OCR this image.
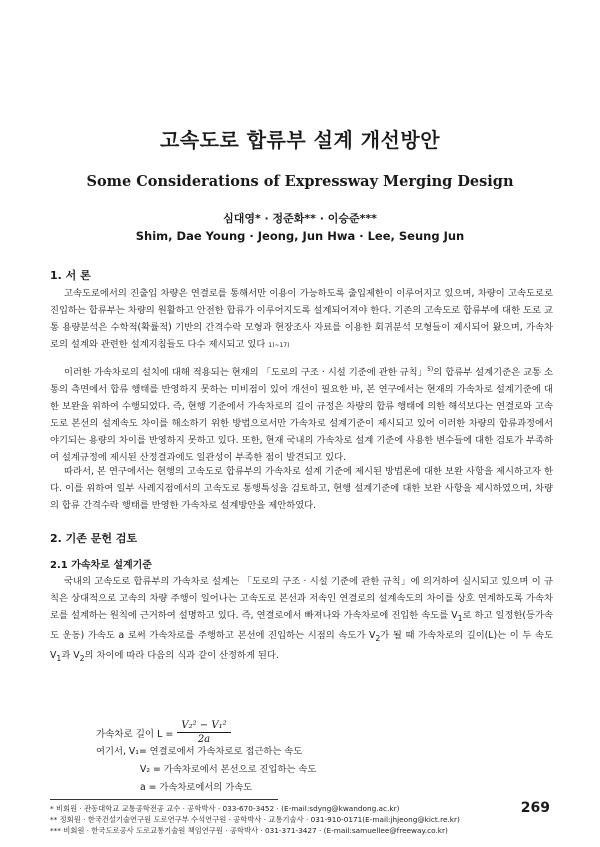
고속도로 합류부 설계 개선방안
Some Considerations of Expressway Merging Design
심대영* · 정준화** · 이승준***
Shim, Dae Young · Jeong, Jun Hwa · Lee, Seung Jun
1. 서 론

고속도로에서의 진출입 차량은 연결로를 통해서만 이용이 가능하도록 출입제한이 이루어지고 있으며, 차량이 고속도로로 진입하는 합류부는 차량의 원활하고 안전한 합류가 이루어지도록 설계되어져야 한다. 기존의 고속도로 합류부에 대한 도로 교통 용량분석은 수학적(확률적) 기반의 간격수락 모형과 현장조사 자료를 이용한 회귀분석 모형들이 제시되어 왔으며, 가속차로의 설계와 관련한 설계지침들도 다수 제시되고 있다 1)~17)

이러한 가속차로의 설치에 대해 적용되는 현재의 「도로의 구조 · 시설 기준에 관한 규칙」$^{5)}$의 합류부 설계기준은 교통 소통의 측면에서 합류 행태를 반영하지 못하는 미비점이 있어 개선이 필요한 바, 본 연구에서는 현재의 가속차로 설계기준에 대한 보완을 위하여 수행되었다. 즉, 현행 기준에서 가속차로의 길이 규정은 차량의 합류 행태에 의한 해석보다는 연결로와 고속도로 본선의 설계속도 차이를 해소하기 위한 방법으로서만 가속차로 설계기준이 제시되고 있어 이러한 차량의 합류과정에서 야기되는 용량의 차이를 반영하지 못하고 있다. 또한, 현재 국내의 가속차로 설계 기준에 사용한 변수들에 대한 검토가 부족하여 설계규정에 제시된 산정결과에도 일관성이 부족한 점이 발견되고 있다.

따라서, 본 연구에서는 현행의 고속도로 합류부의 가속차로 설계 기준에 제시된 방법론에 대한 보완 사항을 제시하고자 한다. 이를 위하여 일부 사례지점에서의 고속도로 통행특성을 검토하고, 현행 설계기준에 대한 보완 사항을 제시하였으며, 차량의 합류 간격수락 행태를 반영한 가속차로 설계방안을 제안하였다.

2. 기존 문헌 검토
2.1 가속차로 설계기준

국내의 고속도로 합류부의 가속차로 설계는 「도로의 구조 · 시설 기준에 관한 규칙」에 의거하여 실시되고 있으며 이 규칙은 상대적으로 고속의 차량 주행이 일어나는 고속도로 본선과 저속인 연결로의 설계속도의 차이를 상호 연계하도록 가속차로를 설계하는 원칙에 근거하여 설명하고 있다. 즉, 연결로에서 빠져나와 가속차로에 진입한 속도를 $V_1$로 하고 일정한(등가속도 운동) 가속도 a 로써 가속차로를 주행하고 본선에 진입하는 시점의 속도가 $V_2$가 될 때 가속차로의 길이(L)는 이 두 속도 $V_1$과 $V_2$의 차이에 따라 다음의 식과 같이 산정하게 된다.

가속차로 길이 $L = \frac{\text{V₂² − V₁²}}{2a}$
여기서, V₁= 연결로에서 가속차로로 접근하는 속도
V₂ = 가속차로에서 본선으로 진입하는 속도
a = 가속차로에서의 가속도
* 비회원 · 관동대학교 교통공학전공 교수 · 공학박사 · 033-670-3452 · (E-mail:sdyng@kwandong.ac.kr)
** 정회원 · 한국건설기술연구원 도로연구부 수석연구원 · 공학박사 · 교통기술사 · 031-910-0171(E-mail:jhjeong@kict.re.kr)
*** 비회원 · 한국도로공사 도로교통기술원 책임연구원 · 공학박사 · 031-371-3427 · (E-mail:samuellee@freeway.co.kr)
269
